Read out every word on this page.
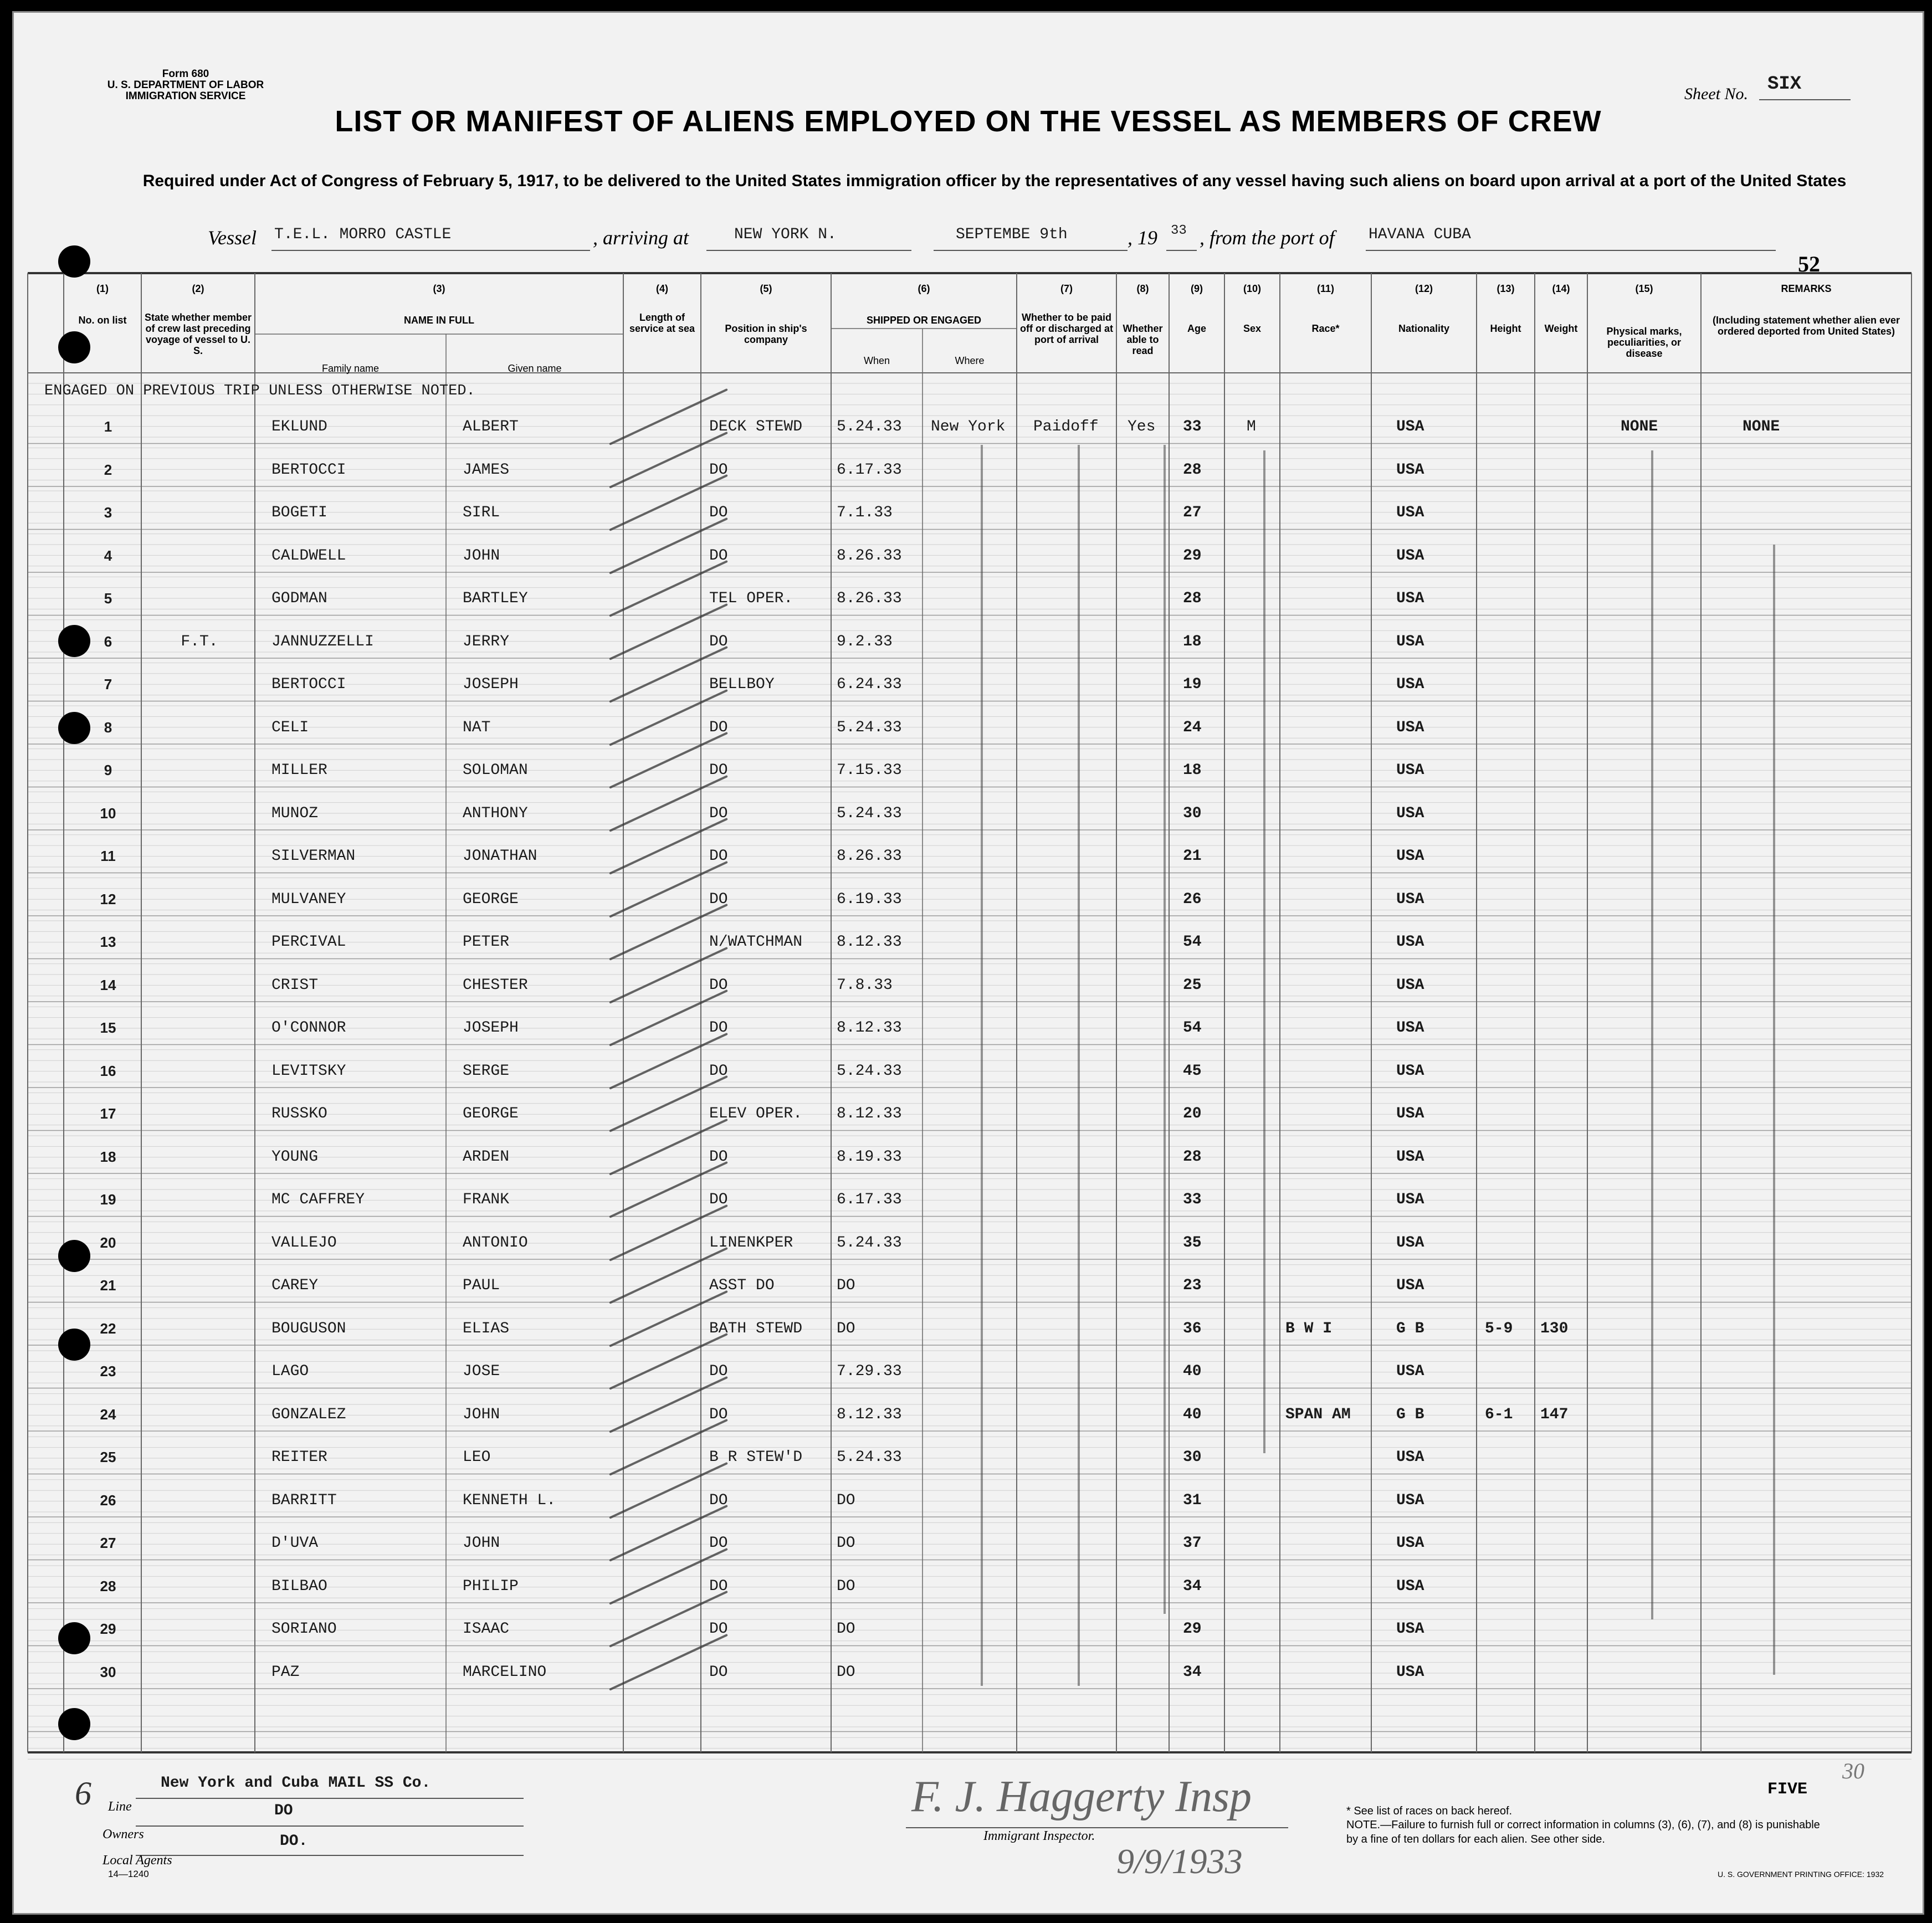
Form 680
U. S. DEPARTMENT OF LABOR
IMMIGRATION SERVICE	Sheet No. SIX
LIST OR MANIFEST OF ALIENS EMPLOYED ON THE VESSEL AS MEMBERS OF CREW
Required under Act of Congress of February 5, 1917, to be delivered to the United States immigration officer by the representatives of any vessel having such aliens on board upon arrival at a port of the United States
Vessel T.E.L. MORRO CASTLE	, arriving at	NEW YORK N.	SEPTEMBE 9th	, 19 33 , from the port of HAVANA CUBA
52
(1)
No. on list
(2)
State whether member of crew last preceding voyage of vessel to U. S.
(3)
NAME IN FULL
(4)
Length of service at sea
(5)
Position in ship's company
(6)
SHIPPED OR ENGAGED
(7)
Whether to be paid off or discharged at port of arrival
(8)
Whether able to read
(9)
Age
(10)
Sex
(11)
Race*
(12)
Nationality
(13)
Height
(14)
Weight
(15)
Physical marks, peculiarities, or disease
REMARKS
(Including statement whether alien ever ordered deported from United States)
Family name	Given name
When	Where
ENGAGED ON PREVIOUS TRIP UNLESS OTHERWISE NOTED.
1	EKLUND	ALBERT	DECK STEWD 5.24.33 New York Paidoff Yes 33	M	USA	NONE	NONE
2	BERTOCCI	JAMES	DO	6.17.33	28	USA
3	BOGETI	SIRL	DO	7.1.33	27	USA
4	CALDWELL	JOHN	DO	8.26.33	29	USA
5	GODMAN	BARTLEY	TEL OPER.	8.26.33	28	USA
6	F.T.	JANNUZZELLI	JERRY	DO	9.2.33	18	USA
7	BERTOCCI	JOSEPH	BELLBOY	6.24.33	19	USA
8	CELI	NAT	DO	5.24.33	24	USA
9	MILLER	SOLOMAN	DO	7.15.33	18	USA
10	MUNOZ	ANTHONY	DO	5.24.33	30	USA
11	SILVERMAN	JONATHAN	DO	8.26.33	21	USA
12	MULVANEY	GEORGE	DO	6.19.33	26	USA
13	PERCIVAL	PETER	N/WATCHMAN 8.12.33	54	USA
14	CRIST	CHESTER	DO	7.8.33	25	USA
15	O'CONNOR	JOSEPH	DO	8.12.33	54	USA
16	LEVITSKY	SERGE	DO	5.24.33	45	USA
17	RUSSKO	GEORGE	ELEV OPER. 8.12.33	20	USA
18	YOUNG	ARDEN	DO	8.19.33	28	USA
19	MC CAFFREY	FRANK	DO	6.17.33	33	USA
20	VALLEJO	ANTONIO	LINENKPER	5.24.33	35	USA
21	CAREY	PAUL	ASST DO	DO	23	USA
22	BOUGUSON	ELIAS	BATH STEWD DO	36	B W I	G B	5-9 130
23	LAGO	JOSE	DO	7.29.33	40	USA
24	GONZALEZ	JOHN	DO	8.12.33	40	SPAN AM	G B	6-1 147
25	REITER	LEO	B R STEW'D 5.24.33	30	USA
26	BARRITT	KENNETH L.	DO	DO	31	USA
27	D'UVA	JOHN	DO	DO	37	USA
28	BILBAO	PHILIP	DO	DO	34	USA
29	SORIANO	ISAAC	DO	DO	29	USA
30	PAZ	MARCELINO	DO	DO	34	USA
6	New York and Cuba MAIL SS Co.
Line	DO
Owners	DO.
Local Agents
14—1240
F. J. Haggerty Insp
Immigrant Inspector.
9/9/1933
FIVE
30
* See list of races on back hereof.
NOTE.—Failure to furnish full or correct information in columns (3), (6), (7), and (8) is punishable by a fine of ten dollars for each alien. See other side.
U. S. GOVERNMENT PRINTING OFFICE: 1932
